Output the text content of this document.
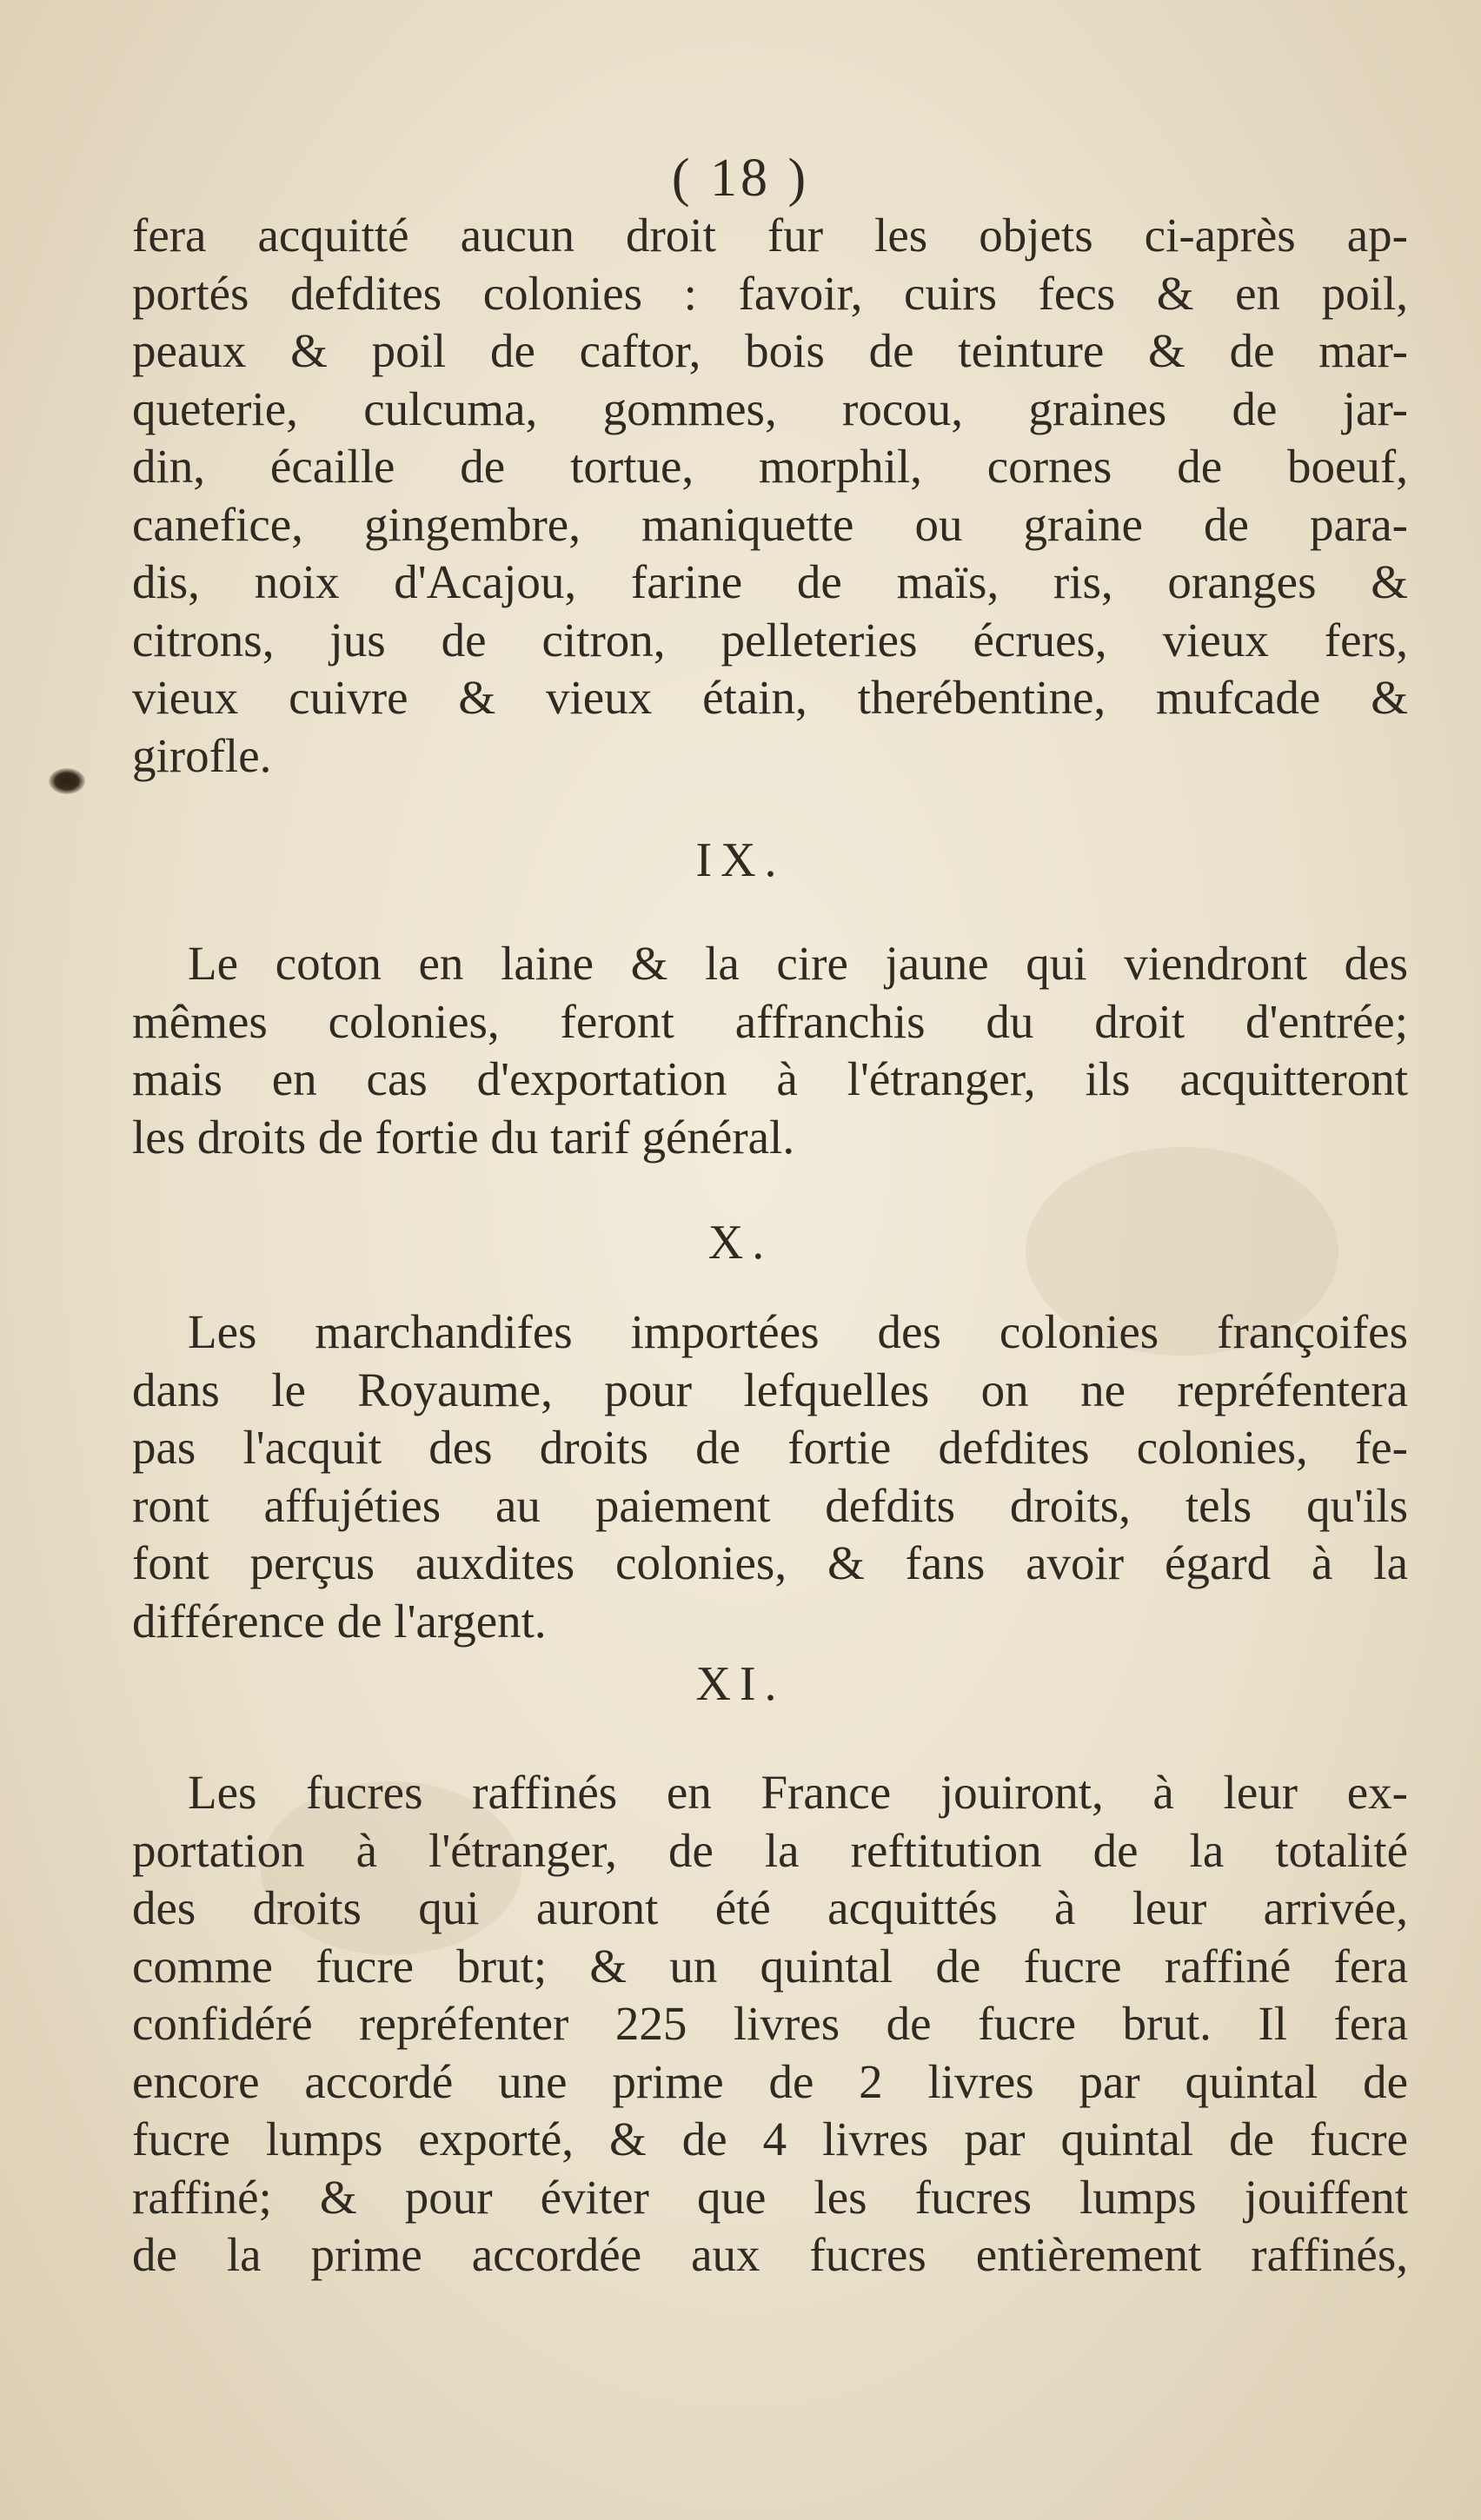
( 18 )
fera acquitté aucun droit fur les objets ci-après ap-
portés defdites colonies : favoir, cuirs fecs & en poil,
peaux & poil de caftor, bois de teinture & de mar-
queterie, culcuma, gommes, rocou, graines de jar-
din, écaille de tortue, morphil, cornes de boeuf,
canefice, gingembre, maniquette ou graine de para-
dis, noix d'Acajou, farine de maïs, ris, oranges &
citrons, jus de citron, pelleteries écrues, vieux fers,
vieux cuivre & vieux étain, therébentine, mufcade &
girofle.
IX.
Le coton en laine & la cire jaune qui viendront des
mêmes colonies, feront affranchis du droit d'entrée;
mais en cas d'exportation à l'étranger, ils acquitteront
les droits de fortie du tarif général.
X.
Les marchandifes importées des colonies françoifes
dans le Royaume, pour lefquelles on ne repréfentera
pas l'acquit des droits de fortie defdites colonies, fe-
ront affujéties au paiement defdits droits, tels qu'ils
font perçus auxdites colonies, & fans avoir égard à la
différence de l'argent.
XI.
Les fucres raffinés en France jouiront, à leur ex-
portation à l'étranger, de la reftitution de la totalité
des droits qui auront été acquittés à leur arrivée,
comme fucre brut; & un quintal de fucre raffiné fera
confidéré repréfenter 225 livres de fucre brut. Il fera
encore accordé une prime de 2 livres par quintal de
fucre lumps exporté, & de 4 livres par quintal de fucre
raffiné; & pour éviter que les fucres lumps jouiffent
de la prime accordée aux fucres entièrement raffinés,
